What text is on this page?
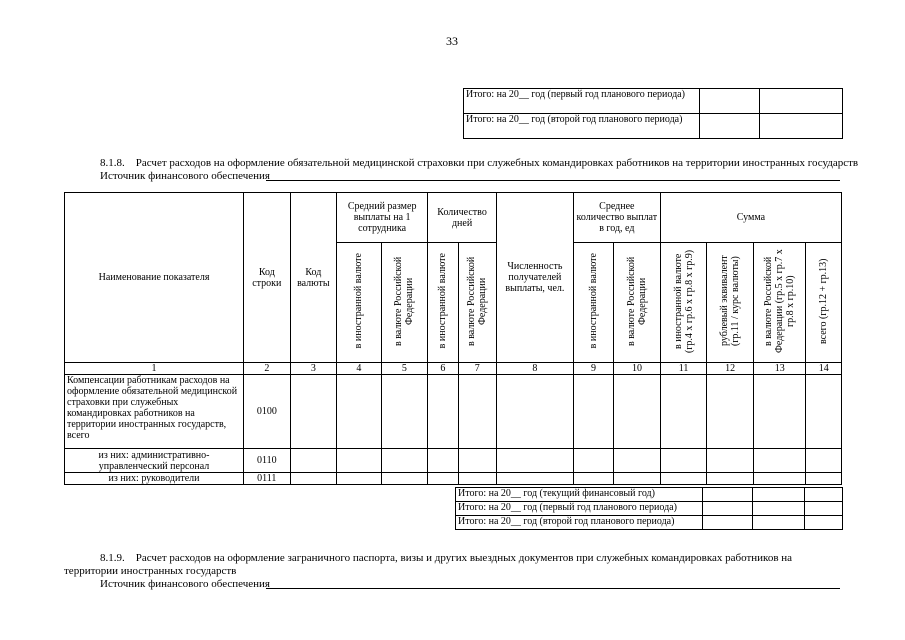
33
Итого: на 20__ год (первый год планового периода)		
Итого: на 20__ год (второй год планового периода)		
8.1.8. Расчет расходов на оформление обязательной медицинской страховки при служебных командировках работников на территории иностранных государств
Источник финансового обеспечения
Наименование показателя	Код строки	Код валюты	Средний размер выплаты на 1 сотрудника		Количество дней		Численность получателей выплаты, чел.	Среднее количество выплат в год, ед		Сумма			
			в иностранной валюте	в валюте Российской Федерации	в иностранной валюте	в валюте Российской Федерации		в иностранной валюте	в валюте Российской Федерации	в иностранной валюте (гр.4 х гр.6 х гр.8 х гр.9)	рублевый эквивалент (гр.11 / курс валюты)	в валюте Российской Федерации (гр.5 х гр.7 х гр.8 х гр.10)	всего (гр.12 + гр.13)
1	2	3	4	5	6	7	8	9	10	11	12	13	14
Компенсации работникам расходов на оформление обязательной медицинской страховки при служебных командировках работников на территории иностранных государств, всего	0100												
из них: административно-управленческий персонал	0110												
из них: руководители	0111												
Итого: на 20__ год (текущий финансовый год)			
Итого: на 20__ год (первый год планового периода)			
Итого: на 20__ год (второй год планового периода)			
8.1.9. Расчет расходов на оформление заграничного паспорта, визы и других выездных документов при служебных командировках работников на территории иностранных государств
Источник финансового обеспечения
